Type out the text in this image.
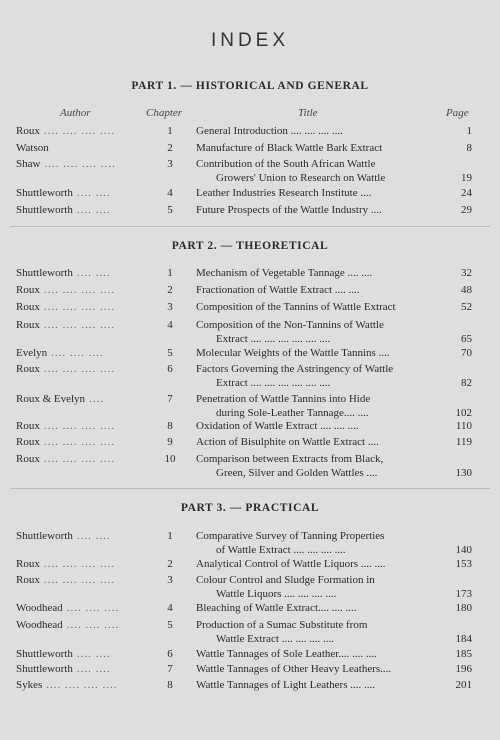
INDEX
PART 1. — HISTORICAL AND GENERAL
Author	Chapter	Title	Page
PART 2. — THEORETICAL
PART 3. — PRACTICAL
Roux .... .... .... ....	1	General Introduction .... .... .... ....	1
Watson	2	Manufacture of Black Wattle Bark Extract	8
Shaw .... .... .... ....	3	Contribution of the South African Wattle
Growers' Union to Research on Wattle	19
Shuttleworth .... ....	4	Leather Industries Research Institute ....	24
Shuttleworth .... ....	5	Future Prospects of the Wattle Industry ....	29
Shuttleworth .... ....	1	Mechanism of Vegetable Tannage .... ....	32
Roux .... .... .... ....	2	Fractionation of Wattle Extract .... ....	48
Roux .... .... .... ....	3	Composition of the Tannins of Wattle Extract	52
Roux .... .... .... ....	4	Composition of the Non-Tannins of Wattle
Extract .... .... .... .... .... ....	65
Evelyn .... .... ....	5	Molecular Weights of the Wattle Tannins ....	70
Roux .... .... .... ....	6	Factors Governing the Astringency of Wattle
Extract .... .... .... .... .... ....	82
Roux & Evelyn ....	7	Penetration of Wattle Tannins into Hide
during Sole-Leather Tannage.... ....	102
Roux .... .... .... ....	8	Oxidation of Wattle Extract .... .... ....	110
Roux .... .... .... ....	9	Action of Bisulphite on Wattle Extract ....	119
Roux .... .... .... ....	10	Comparison between Extracts from Black,
Green, Silver and Golden Wattles ....	130
Shuttleworth .... ....	1	Comparative Survey of Tanning Properties
of Wattle Extract .... .... .... ....	140
Roux .... .... .... ....	2	Analytical Control of Wattle Liquors .... ....	153
Roux .... .... .... ....	3	Colour Control and Sludge Formation in
Wattle Liquors .... .... .... ....	173
Woodhead .... .... ....	4	Bleaching of Wattle Extract.... .... ....	180
Woodhead .... .... ....	5	Production of a Sumac Substitute from
Wattle Extract .... .... .... ....	184
Shuttleworth .... ....	6	Wattle Tannages of Sole Leather.... .... ....	185
Shuttleworth .... ....	7	Wattle Tannages of Other Heavy Leathers....	196
Sykes .... .... .... ....	8	Wattle Tannages of Light Leathers .... ....	201
